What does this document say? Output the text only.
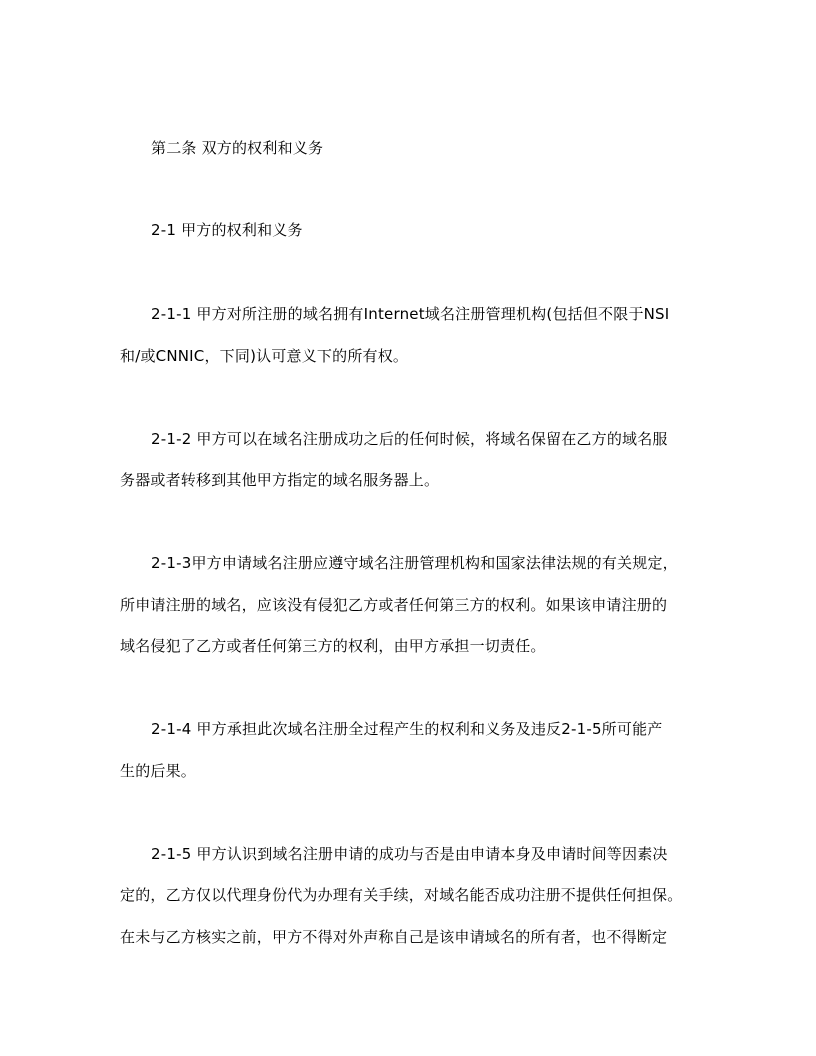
第二条 双方的权利和义务
2-1 甲方的权利和义务
2-1-1 甲方对所注册的域名拥有Internet域名注册管理机构(包括但不限于NSI
和/或CNNIC，下同)认可意义下的所有权。
2-1-2 甲方可以在域名注册成功之后的任何时候，将域名保留在乙方的域名服
务器或者转移到其他甲方指定的域名服务器上。
2-1-3甲方申请域名注册应遵守域名注册管理机构和国家法律法规的有关规定，
所申请注册的域名，应该没有侵犯乙方或者任何第三方的权利。如果该申请注册的
域名侵犯了乙方或者任何第三方的权利，由甲方承担一切责任。
2-1-4 甲方承担此次域名注册全过程产生的权利和义务及违反2-1-5所可能产
生的后果。
2-1-5 甲方认识到域名注册申请的成功与否是由申请本身及申请时间等因素决
定的，乙方仅以代理身份代为办理有关手续，对域名能否成功注册不提供任何担保。
在未与乙方核实之前，甲方不得对外声称自己是该申请域名的所有者，也不得断定
